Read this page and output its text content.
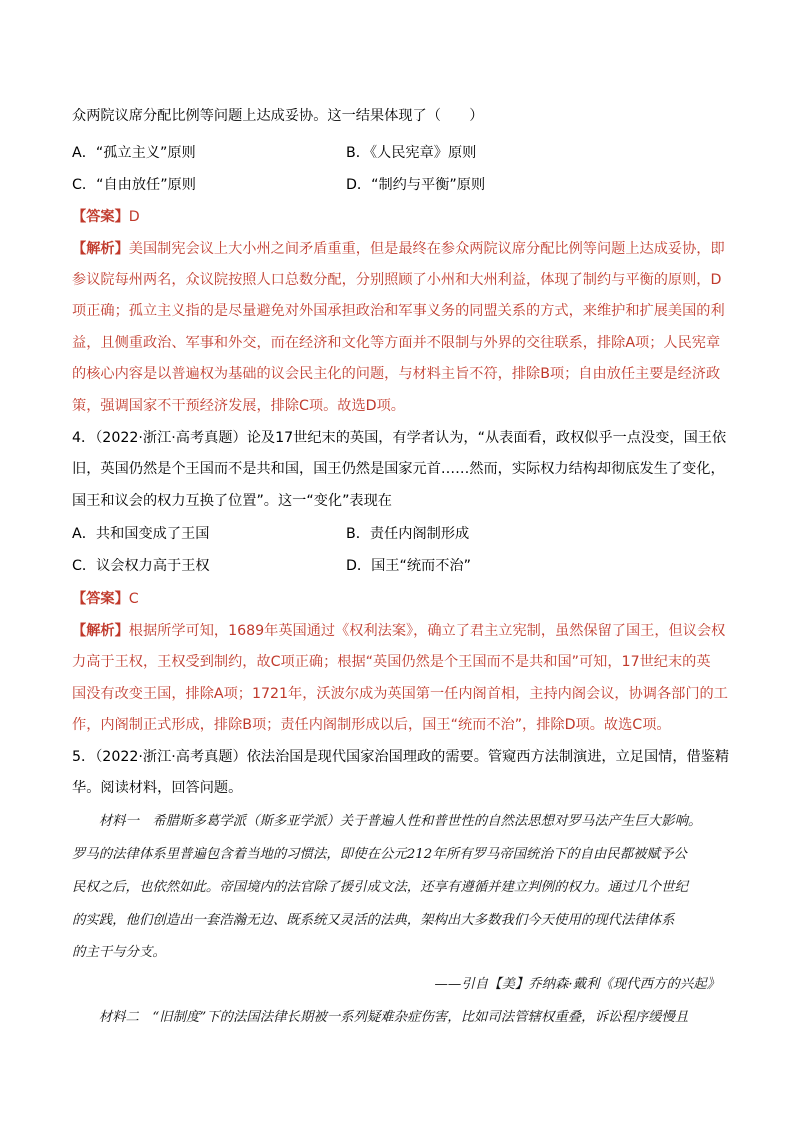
众两院议席分配比例等问题上达成妥协。这一结果体现了（　　）
A．“孤立主义”原则	B．《人民宪章》原则
C．“自由放任”原则	D．“制约与平衡”原则
【答案】D
【解析】美国制宪会议上大小州之间矛盾重重，但是最终在参众两院议席分配比例等问题上达成妥协，即
参议院每州两名，众议院按照人口总数分配，分别照顾了小州和大州利益，体现了制约与平衡的原则，D
项正确；孤立主义指的是尽量避免对外国承担政治和军事义务的同盟关系的方式，来维护和扩展美国的利
益，且侧重政治、军事和外交，而在经济和文化等方面并不限制与外界的交往联系，排除A项；人民宪章
的核心内容是以普遍权为基础的议会民主化的问题，与材料主旨不符，排除B项；自由放任主要是经济政
策，强调国家不干预经济发展，排除C项。故选D项。
4．（2022·浙江·高考真题）论及17世纪末的英国，有学者认为，“从表面看，政权似乎一点没变，国王依
旧，英国仍然是个王国而不是共和国，国王仍然是国家元首……然而，实际权力结构却彻底发生了变化，
国王和议会的权力互换了位置”。这一“变化”表现在
A．共和国变成了王国	B．责任内阁制形成
C．议会权力高于王权	D．国王“统而不治”
【答案】C
【解析】根据所学可知，1689年英国通过《权利法案》，确立了君主立宪制，虽然保留了国王，但议会权
力高于王权，王权受到制约，故C项正确；根据“英国仍然是个王国而不是共和国”可知，17世纪末的英
国没有改变王国，排除A项；1721年，沃波尔成为英国第一任内阁首相，主持内阁会议，协调各部门的工
作，内阁制正式形成，排除B项；责任内阁制形成以后，国王“统而不治”，排除D项。故选C项。
5．（2022·浙江·高考真题）依法治国是现代国家治国理政的需要。管窥西方法制演进，立足国情，借鉴精
华。阅读材料，回答问题。
　　材料一　希腊斯多葛学派（斯多亚学派）关于普遍人性和普世性的自然法思想对罗马法产生巨大影响。
罗马的法律体系里普遍包含着当地的习惯法，即使在公元212年所有罗马帝国统治下的自由民都被赋予公
民权之后，也依然如此。帝国境内的法官除了援引成文法，还享有遵循并建立判例的权力。通过几个世纪
的实践，他们创造出一套浩瀚无边、既系统又灵活的法典，架构出大多数我们今天使用的现代法律体系
的主干与分支。
——引自【美】乔纳森·戴利《现代西方的兴起》
　　材料二　“旧制度”下的法国法律长期被一系列疑难杂症伤害，比如司法管辖权重叠，诉讼程序缓慢且
